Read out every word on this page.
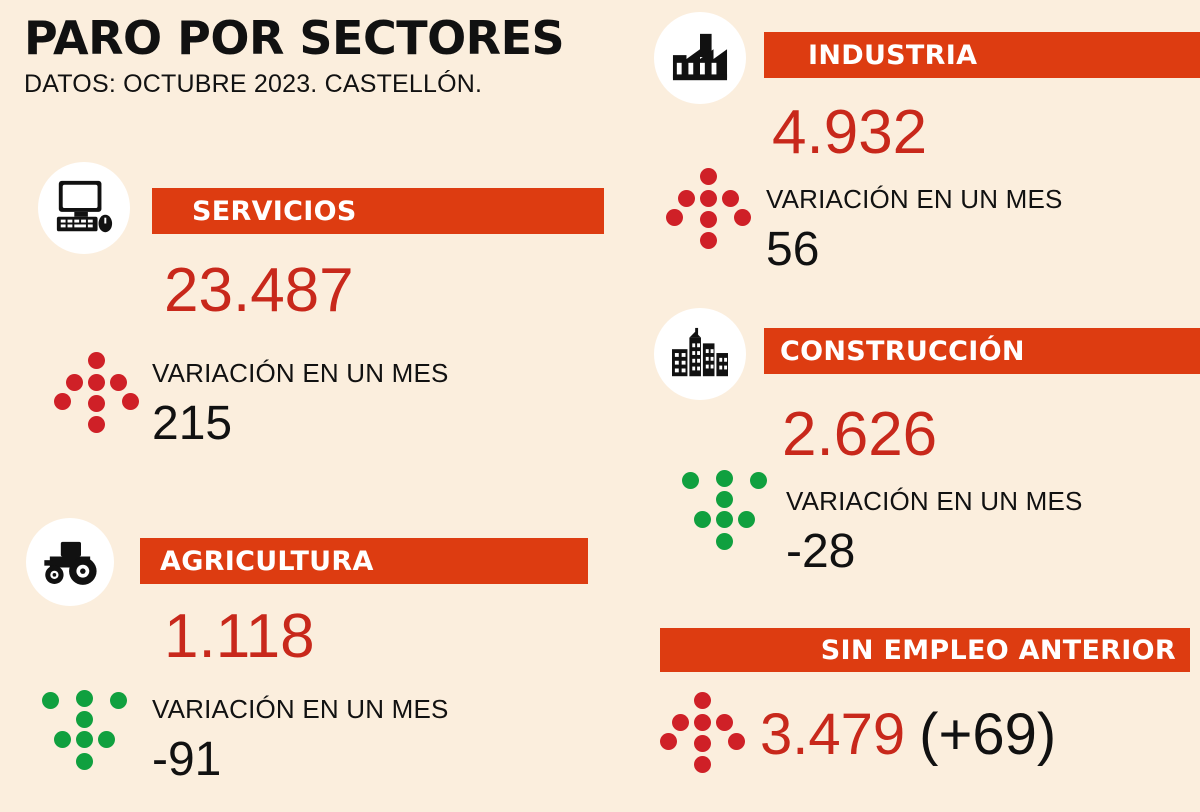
PARO POR SECTORES
DATOS: OCTUBRE 2023. CASTELLÓN.
SERVICIOS
23.487
VARIACIÓN EN UN MES
215
AGRICULTURA
1.118
VARIACIÓN EN UN MES
-91
INDUSTRIA
4.932
VARIACIÓN EN UN MES
56
CONSTRUCCIÓN
2.626
VARIACIÓN EN UN MES
-28
SIN EMPLEO ANTERIOR
3.479 (+69)
